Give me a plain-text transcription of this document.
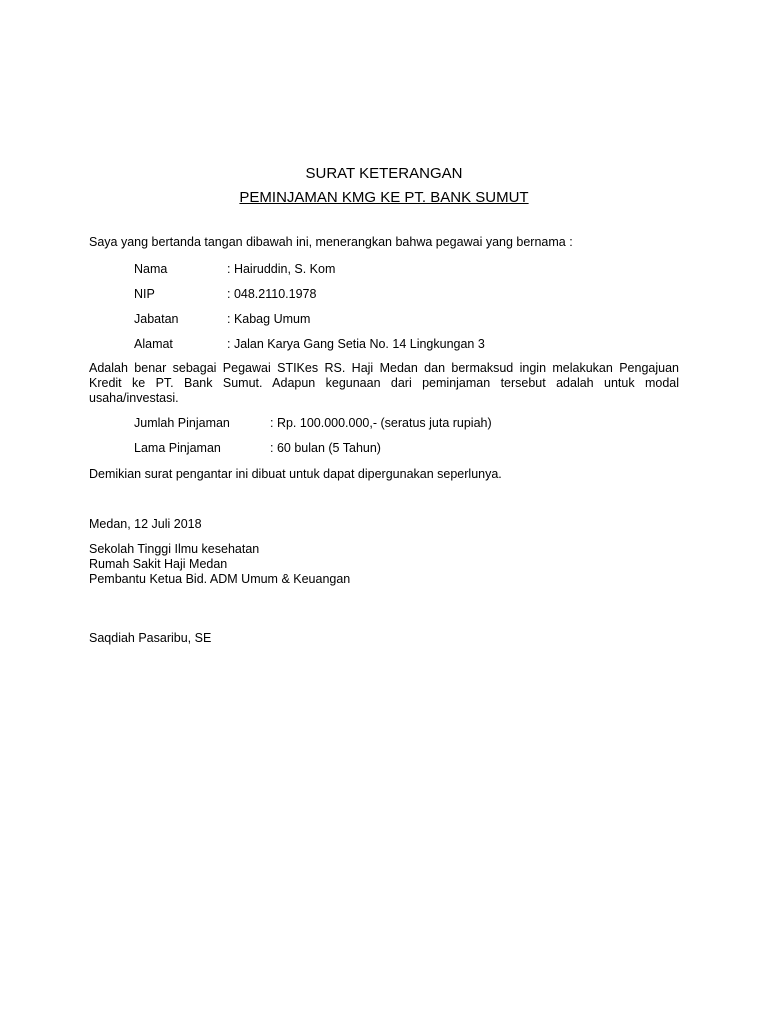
SURAT KETERANGAN
PEMINJAMAN KMG KE PT. BANK SUMUT
Saya yang bertanda tangan dibawah ini, menerangkan bahwa pegawai yang bernama :
Nama	: Hairuddin, S. Kom
NIP	: 048.2110.1978
Jabatan	: Kabag Umum
Alamat	: Jalan Karya Gang Setia No. 14 Lingkungan 3
Adalah benar sebagai Pegawai STIKes RS. Haji Medan dan bermaksud ingin melakukan Pengajuan Kredit ke PT. Bank Sumut. Adapun kegunaan dari peminjaman tersebut adalah untuk modal usaha/investasi.
Jumlah Pinjaman	: Rp. 100.000.000,- (seratus juta rupiah)
Lama Pinjaman	: 60 bulan (5 Tahun)
Demikian surat pengantar ini dibuat untuk dapat dipergunakan seperlunya.
Medan, 12 Juli 2018
Sekolah Tinggi Ilmu kesehatan
Rumah Sakit Haji Medan
Pembantu Ketua Bid. ADM Umum & Keuangan
Saqdiah Pasaribu, SE
